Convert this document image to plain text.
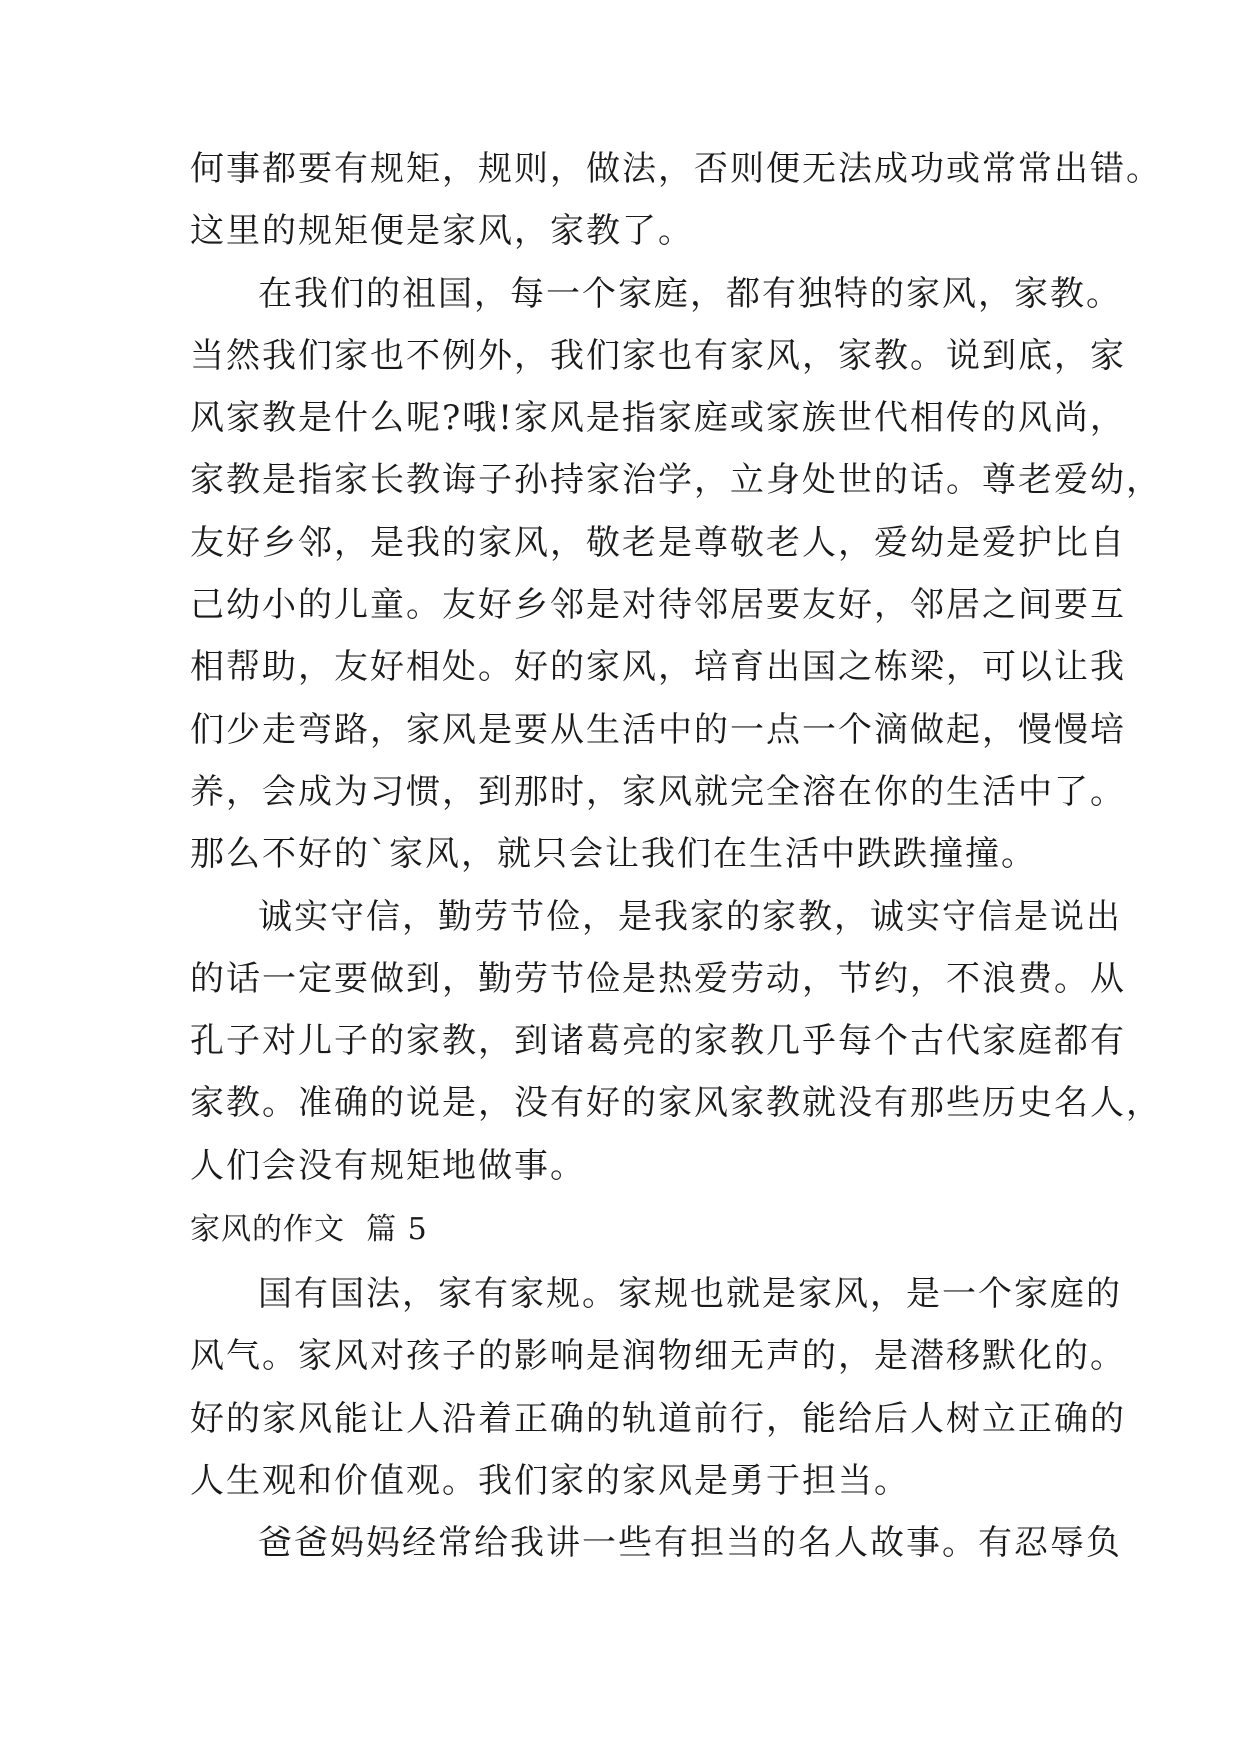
何事都要有规矩，规则，做法，否则便无法成功或常常出错。
这里的规矩便是家风，家教了。
在我们的祖国，每一个家庭，都有独特的家风，家教。
当然我们家也不例外，我们家也有家风，家教。说到底，家
风家教是什么呢?哦!家风是指家庭或家族世代相传的风尚，
家教是指家长教诲子孙持家治学，立身处世的话。尊老爱幼，
友好乡邻，是我的家风，敬老是尊敬老人，爱幼是爱护比自
己幼小的儿童。友好乡邻是对待邻居要友好，邻居之间要互
相帮助，友好相处。好的家风，培育出国之栋梁，可以让我
们少走弯路，家风是要从生活中的一点一个滴做起，慢慢培
养，会成为习惯，到那时，家风就完全溶在你的生活中了。
那么不好的`家风，就只会让我们在生活中跌跌撞撞。
诚实守信，勤劳节俭，是我家的家教，诚实守信是说出
的话一定要做到，勤劳节俭是热爱劳动，节约，不浪费。从
孔子对儿子的家教，到诸葛亮的家教几乎每个古代家庭都有
家教。准确的说是，没有好的家风家教就没有那些历史名人，
人们会没有规矩地做事。
家风的作文  篇 5
国有国法，家有家规。家规也就是家风，是一个家庭的
风气。家风对孩子的影响是润物细无声的，是潜移默化的。
好的家风能让人沿着正确的轨道前行，能给后人树立正确的
人生观和价值观。我们家的家风是勇于担当。
爸爸妈妈经常给我讲一些有担当的名人故事。有忍辱负
